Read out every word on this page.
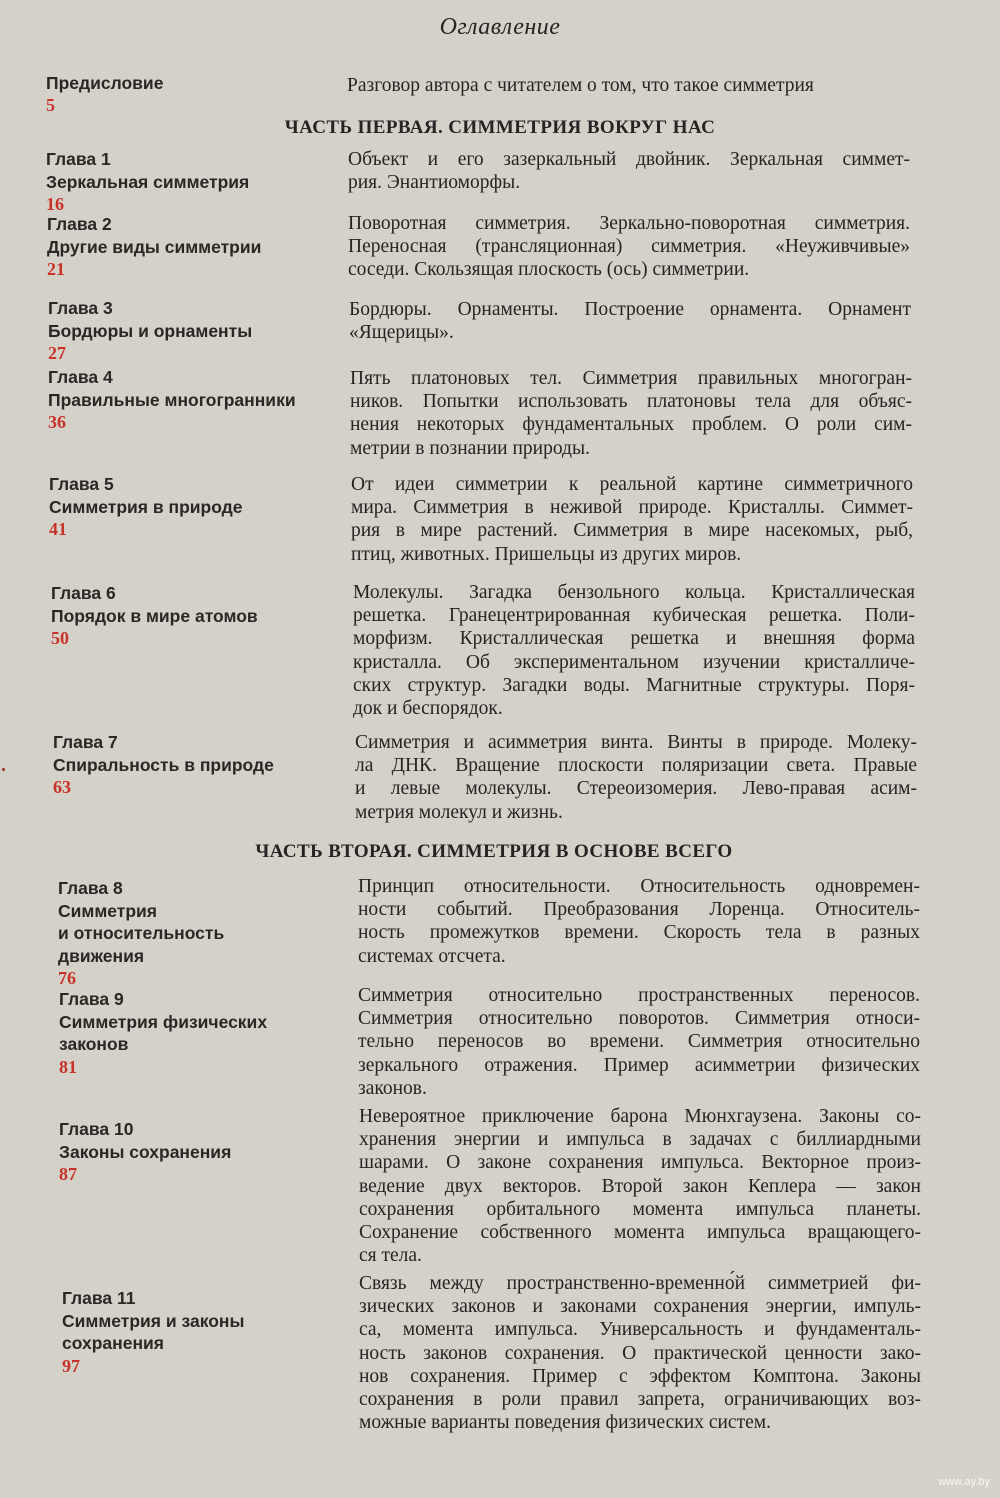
Оглавление
Предисловие
5
Разговор автора с читателем о том, что такое симметрия
ЧАСТЬ ПЕРВАЯ. СИММЕТРИЯ ВОКРУГ НАС
Глава 1
Зеркальная симметрия
16
Объект и его зазеркальный двойник. Зеркальная симмет-
рия. Энантиоморфы.
Глава 2
Другие виды симметрии
21
Поворотная симметрия. Зеркально-поворотная симметрия.
Переносная (трансляционная) симметрия. «Неуживчивые»
соседи. Скользящая плоскость (ось) симметрии.
Глава 3
Бордюры и орнаменты
27
Бордюры. Орнаменты. Построение орнамента. Орнамент
«Ящерицы».
Глава 4
Правильные многогранники
36
Пять платоновых тел. Симметрия правильных многогран-
ников. Попытки использовать платоновы тела для объяс-
нения некоторых фундаментальных проблем. О роли сим-
метрии в познании природы.
Глава 5
Симметрия в природе
41
От идеи симметрии к реальной картине симметричного
мира. Симметрия в неживой природе. Кристаллы. Симмет-
рия в мире растений. Симметрия в мире насекомых, рыб,
птиц, животных. Пришельцы из других миров.
Глава 6
Порядок в мире атомов
50
Молекулы. Загадка бензольного кольца. Кристаллическая
решетка. Гранецентрированная кубическая решетка. Поли-
морфизм. Кристаллическая решетка и внешняя форма
кристалла. Об экспериментальном изучении кристалличе-
ских структур. Загадки воды. Магнитные структуры. Поря-
док и беспорядок.
Глава 7
Спиральность в природе
63
Симметрия и асимметрия винта. Винты в природе. Молеку-
ла ДНК. Вращение плоскости поляризации света. Правые
и левые молекулы. Стереоизомерия. Лево-правая асим-
метрия молекул и жизнь.
ЧАСТЬ ВТОРАЯ. СИММЕТРИЯ В ОСНОВЕ ВСЕГО
Глава 8
Симметрия
и относительность
движения
76
Принцип относительности. Относительность одновремен-
ности событий. Преобразования Лоренца. Относитель-
ность промежутков времени. Скорость тела в разных
системах отсчета.
Глава 9
Симметрия физических
законов
81
Симметрия относительно пространственных переносов.
Симметрия относительно поворотов. Симметрия относи-
тельно переносов во времени. Симметрия относительно
зеркального отражения. Пример асимметрии физических
законов.
Глава 10
Законы сохранения
87
Невероятное приключение барона Мюнхгаузена. Законы со-
хранения энергии и импульса в задачах с биллиардными
шарами. О законе сохранения импульса. Векторное произ-
ведение двух векторов. Второй закон Кеплера — закон
сохранения орбитального момента импульса планеты.
Сохранение собственного момента импульса вращающего-
ся тела.
Глава 11
Симметрия и законы
сохранения
97
Связь между пространственно-временно́й симметрией фи-
зических законов и законами сохранения энергии, импуль-
са, момента импульса. Универсальность и фундаменталь-
ность законов сохранения. О практической ценности зако-
нов сохранения. Пример с эффектом Комптона. Законы
сохранения в роли правил запрета, ограничивающих воз-
можные варианты поведения физических систем.
www.ay.by
